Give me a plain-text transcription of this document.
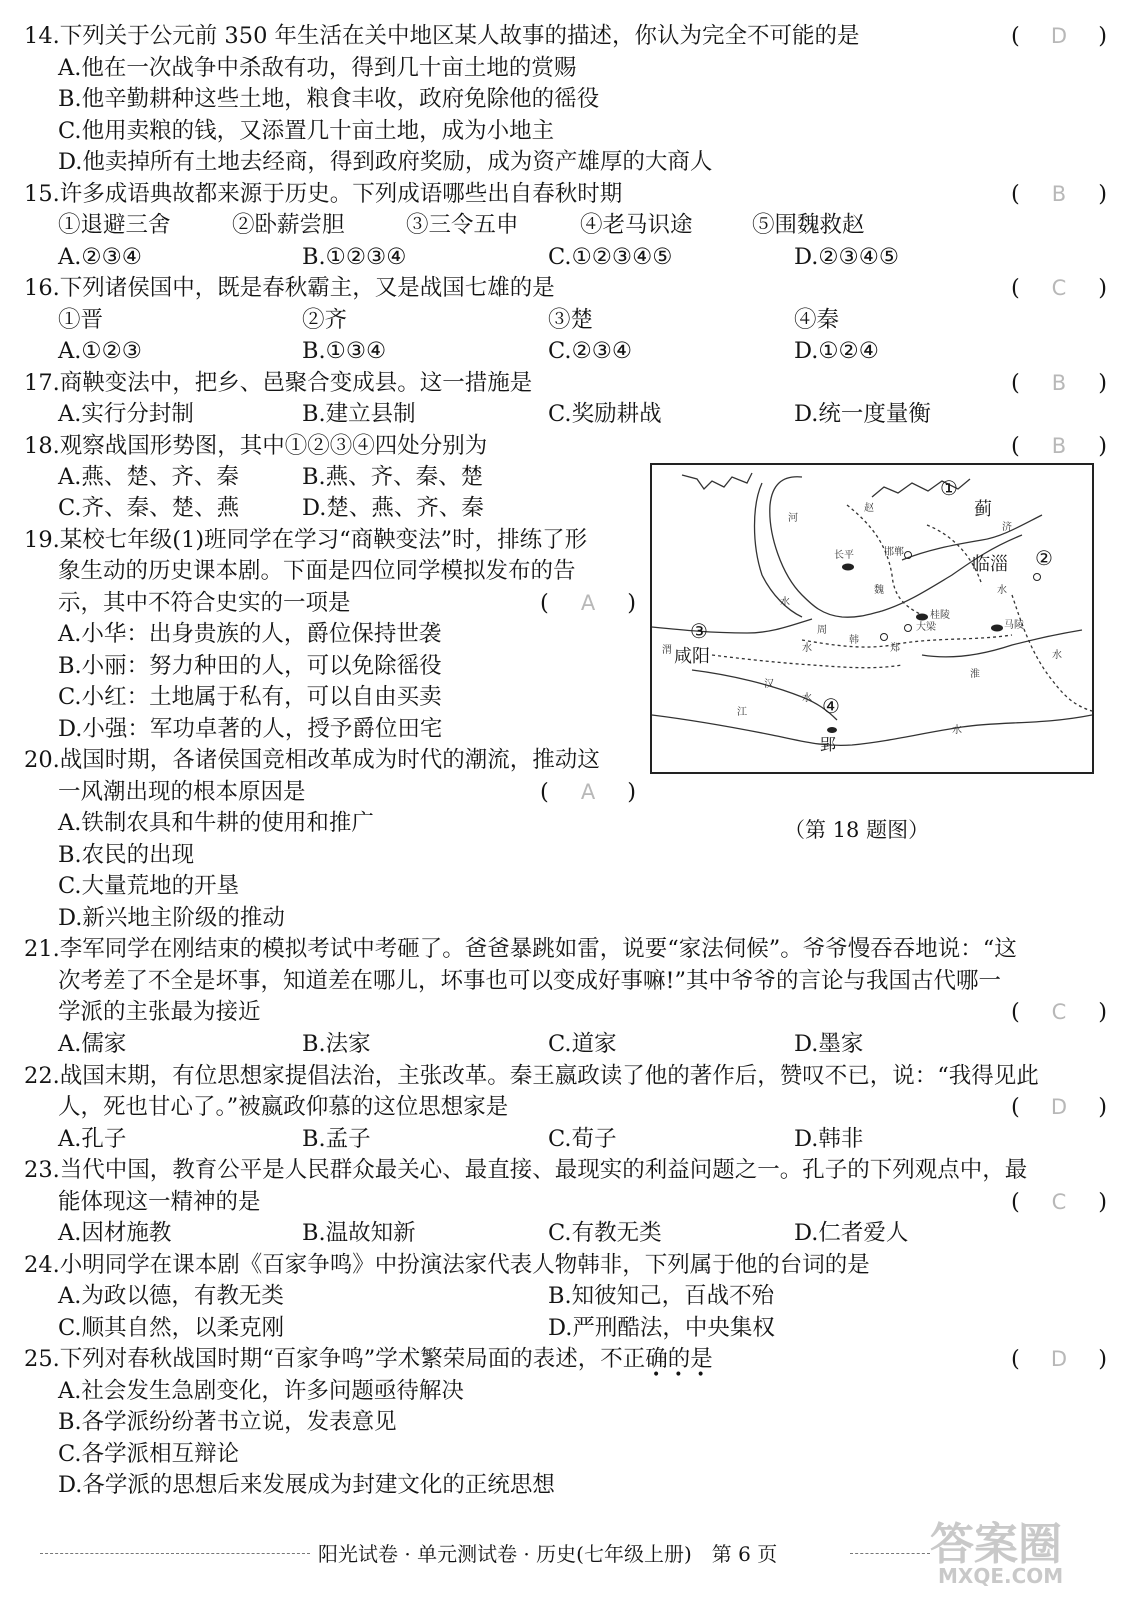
14.下列关于公元前 350 年生活在关中地区某人故事的描述，你认为完全不可能的是	( D )
A.他在一次战争中杀敌有功，得到几十亩土地的赏赐
B.他辛勤耕种这些土地，粮食丰收，政府免除他的徭役
C.他用卖粮的钱，又添置几十亩土地，成为小地主
D.他卖掉所有土地去经商，得到政府奖励，成为资产雄厚的大商人
15.许多成语典故都来源于历史。下列成语哪些出自春秋时期	( B )
①退避三舍	②卧薪尝胆	③三令五申	④老马识途	⑤围魏救赵
A.②③④	B.①②③④	C.①②③④⑤	D.②③④⑤
16.下列诸侯国中，既是春秋霸主，又是战国七雄的是	( C )
①晋	②齐	③楚	④秦
A.①②③	B.①③④	C.②③④	D.①②④
17.商鞅变法中，把乡、邑聚合变成县。这一措施是	( B )
A.实行分封制	B.建立县制	C.奖励耕战	D.统一度量衡
18.观察战国形势图，其中①②③④四处分别为	( B )
A.燕、楚、齐、秦	B.燕、齐、秦、楚
C.齐、秦、楚、燕	D.楚、燕、齐、秦
①
②
③
④
蓟
临淄
咸阳
郢
赵
济
邯郸
长平
魏
桂陵
大梁	马陵
周
韩
郑
渭
淮
汉
江
河
水
水
水
水
水
水
（第 18 题图）
19.某校七年级(1)班同学在学习“商鞅变法”时，排练了形
象生动的历史课本剧。下面是四位同学模拟发布的告
示，其中不符合史实的一项是	( A )
A.小华：出身贵族的人，爵位保持世袭
B.小丽：努力种田的人，可以免除徭役
C.小红：土地属于私有，可以自由买卖
D.小强：军功卓著的人，授予爵位田宅
20.战国时期，各诸侯国竞相改革成为时代的潮流，推动这
一风潮出现的根本原因是	( A )
A.铁制农具和牛耕的使用和推广
B.农民的出现
C.大量荒地的开垦
D.新兴地主阶级的推动
21.李军同学在刚结束的模拟考试中考砸了。爸爸暴跳如雷，说要“家法伺候”。爷爷慢吞吞地说：“这
次考差了不全是坏事，知道差在哪儿，坏事也可以变成好事嘛!”其中爷爷的言论与我国古代哪一
学派的主张最为接近	( C )
A.儒家	B.法家	C.道家	D.墨家
22.战国末期，有位思想家提倡法治，主张改革。秦王嬴政读了他的著作后，赞叹不已，说：“我得见此
人，死也甘心了。”被嬴政仰慕的这位思想家是	( D )
A.孔子	B.孟子	C.荀子	D.韩非
23.当代中国，教育公平是人民群众最关心、最直接、最现实的利益问题之一。孔子的下列观点中，最
能体现这一精神的是	( C )
A.因材施教	B.温故知新	C.有教无类	D.仁者爱人
24.小明同学在课本剧《百家争鸣》中扮演法家代表人物韩非，下列属于他的台词的是
A.为政以德，有教无类	B.知彼知己，百战不殆
C.顺其自然，以柔克刚	D.严刑酷法，中央集权
25.下列对春秋战国时期“百家争鸣”学术繁荣局面的表述，不正确的是
•••
( D )
A.社会发生急剧变化，许多问题亟待解决
B.各学派纷纷著书立说，发表意见
C.各学派相互辩论
D.各学派的思想后来发展成为封建文化的正统思想
阳光试卷 · 单元测试卷 · 历史(七年级上册)　第 6 页	答案圈
MXQE.COM
